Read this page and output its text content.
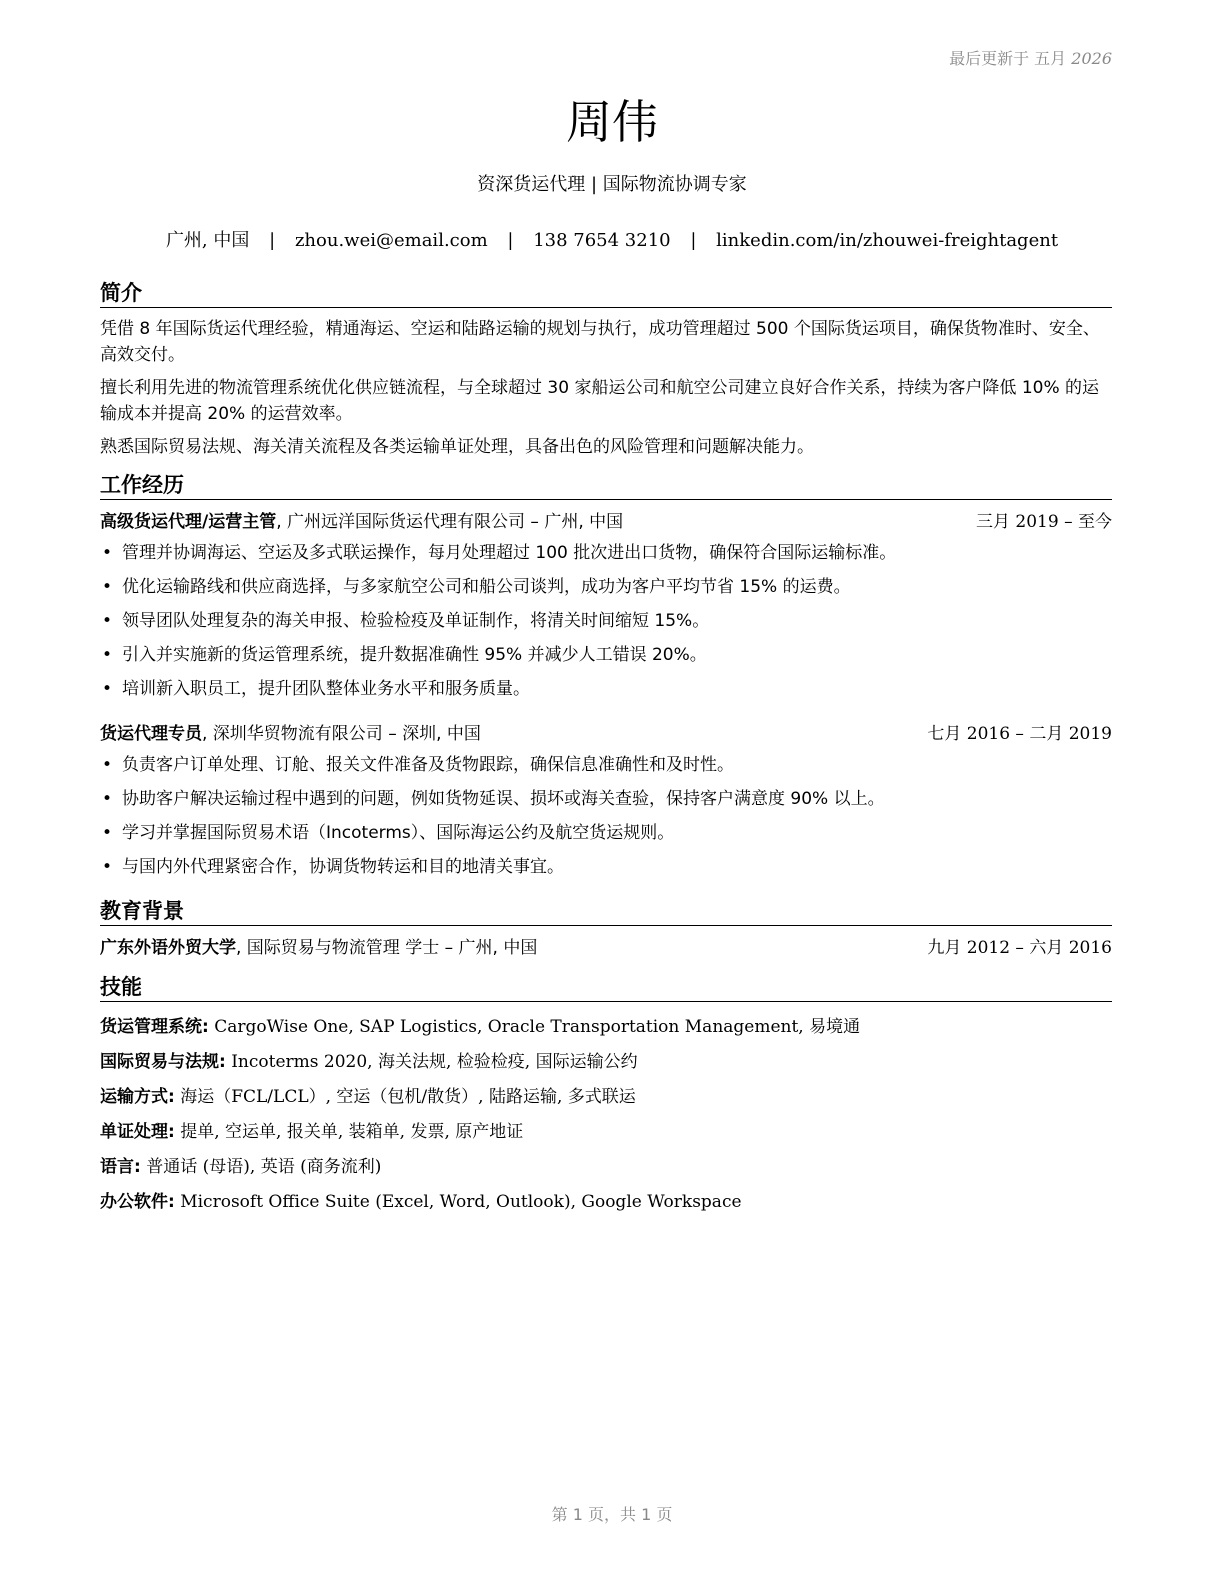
最后更新于 五月 2026
周伟
资深货运代理 | 国际物流协调专家
广州, 中国 | zhou.wei@email.com | 138 7654 3210 | linkedin.com/in/zhouwei-freightagent
简介

凭借 8 年国际货运代理经验，精通海运、空运和陆路运输的规划与执行，成功管理超过 500 个国际货运项目，确保货物准时、安全、高效交付。

擅长利用先进的物流管理系统优化供应链流程，与全球超过 30 家船运公司和航空公司建立良好合作关系，持续为客户降低 10% 的运输成本并提高 20% 的运营效率。

熟悉国际贸易法规、海关清关流程及各类运输单证处理，具备出色的风险管理和问题解决能力。

工作经历
高级货运代理/运营主管, 广州远洋国际货运代理有限公司 – 广州, 中国	三月 2019 – 至今
• 管理并协调海运、空运及多式联运操作，每月处理超过 100 批次进出口货物，确保符合国际运输标准。
• 优化运输路线和供应商选择，与多家航空公司和船公司谈判，成功为客户平均节省 15% 的运费。
• 领导团队处理复杂的海关申报、检验检疫及单证制作，将清关时间缩短 15%。
• 引入并实施新的货运管理系统，提升数据准确性 95% 并减少人工错误 20%。
• 培训新入职员工，提升团队整体业务水平和服务质量。
货运代理专员, 深圳华贸物流有限公司 – 深圳, 中国	七月 2016 – 二月 2019
• 负责客户订单处理、订舱、报关文件准备及货物跟踪，确保信息准确性和及时性。
• 协助客户解决运输过程中遇到的问题，例如货物延误、损坏或海关查验，保持客户满意度 90% 以上。
• 学习并掌握国际贸易术语（Incoterms）、国际海运公约及航空货运规则。
• 与国内外代理紧密合作，协调货物转运和目的地清关事宜。
教育背景
广东外语外贸大学, 国际贸易与物流管理 学士 – 广州, 中国	九月 2012 – 六月 2016
技能
货运管理系统: CargoWise One, SAP Logistics, Oracle Transportation Management, 易境通
国际贸易与法规: Incoterms 2020, 海关法规, 检验检疫, 国际运输公约
运输方式: 海运（FCL/LCL）, 空运（包机/散货）, 陆路运输, 多式联运
单证处理: 提单, 空运单, 报关单, 装箱单, 发票, 原产地证
语言: 普通话 (母语), 英语 (商务流利)
办公软件: Microsoft Office Suite (Excel, Word, Outlook), Google Workspace
第 1 页，共 1 页
